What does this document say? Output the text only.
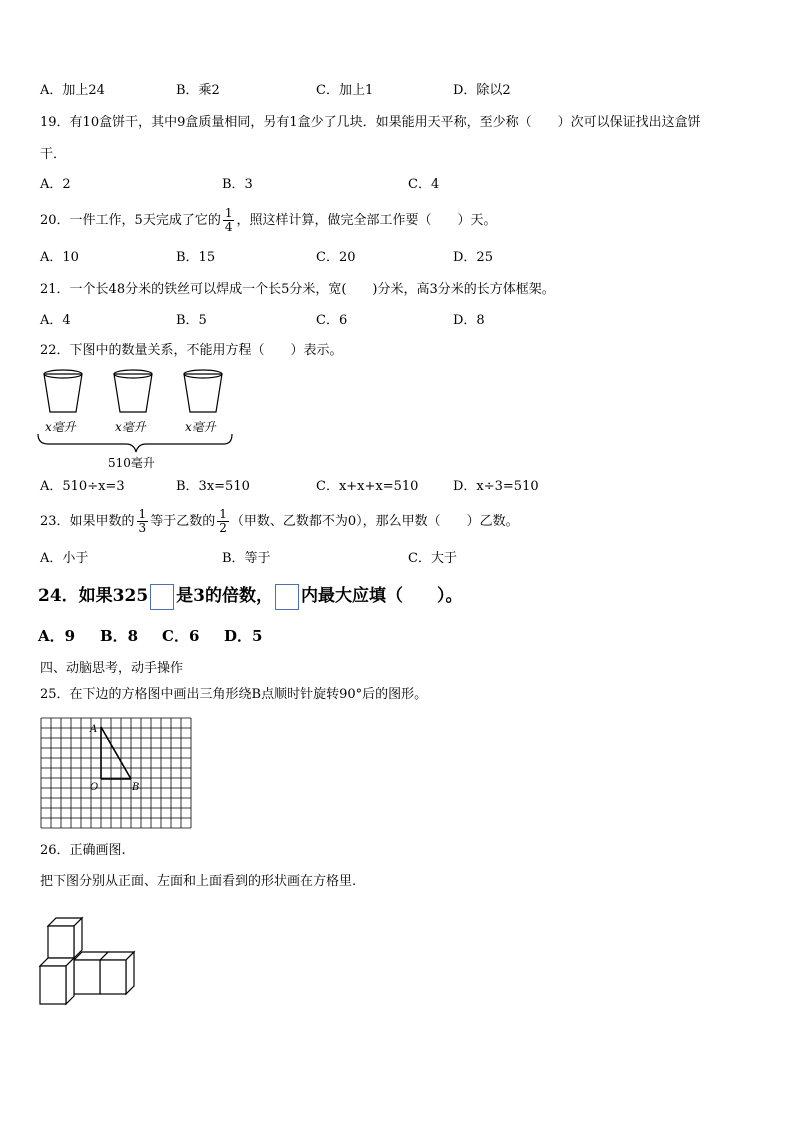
A．加上24	B．乘2	C．加上1	D．除以2
19．有10盒饼干，其中9盒质量相同，另有1盒少了几块．如果能用天平称，至少称（　　）次可以保证找出这盒饼
干．
A．2	B．3	C．4
20．一件工作，5天完成了它的 $\frac{1}{4}$ ，照这样计算，做完全部工作要（　　）天。
A．10	B．15	C．20	D．25
21．一个长48分米的铁丝可以焊成一个长5分米，宽(　　)分米，高3分米的长方体框架。
A．4	B．5	C．6	D．8
22．下图中的数量关系，不能用方程（　　）表示。
x毫升	x毫升	x毫升
510毫升
A．510÷x=3	B．3x=510	C．x+x+x=510	D．x÷3=510
23．如果甲数的 $\frac{1}{3}$ 等于乙数的 $\frac{1}{2}$ （甲数、乙数都不为0），那么甲数（　　）乙数。
A．小于	B．等于	C．大于
24．如果325 是3的倍数， 内最大应填（　　）。
A．9 B．8 C．6 D．5
四、动脑思考，动手操作
25．在下边的方格图中画出三角形绕B点顺时针旋转90°后的图形。
A
O	B
26．正确画图.
把下图分别从正面、左面和上面看到的形状画在方格里.
